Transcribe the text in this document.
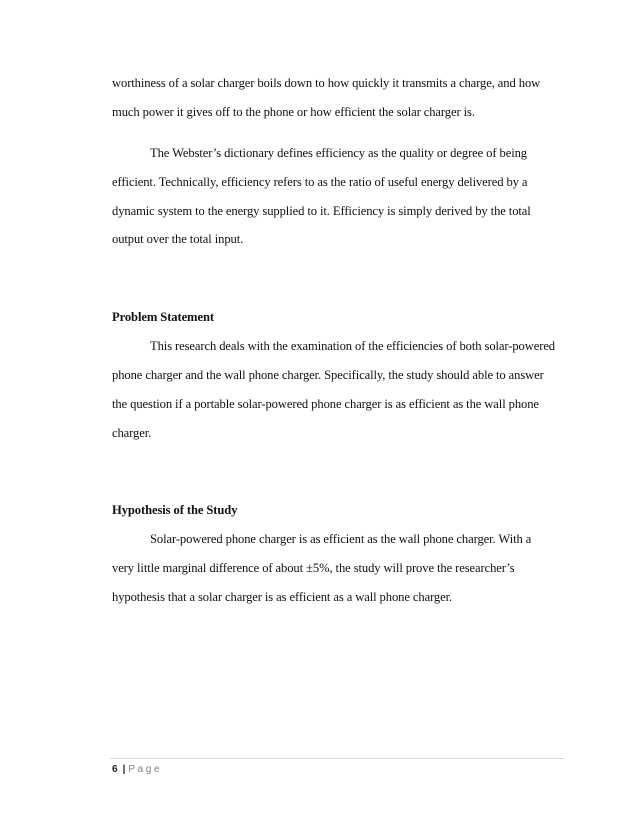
worthiness of a solar charger boils down to how quickly it transmits a charge, and how
much power it gives off to the phone or how efficient the solar charger is.
The Webster’s dictionary defines efficiency as the quality or degree of being
efficient. Technically, efficiency refers to as the ratio of useful energy delivered by a
dynamic system to the energy supplied to it. Efficiency is simply derived by the total
output over the total input.
Problem Statement
This research deals with the examination of the efficiencies of both solar-powered
phone charger and the wall phone charger. Specifically, the study should able to answer
the question if a portable solar-powered phone charger is as efficient as the wall phone
charger.
Hypothesis of the Study
Solar-powered phone charger is as efficient as the wall phone charger. With a
very little marginal difference of about ±5%, the study will prove the researcher’s
hypothesis that a solar charger is as efficient as a wall phone charger.
6 | Page
